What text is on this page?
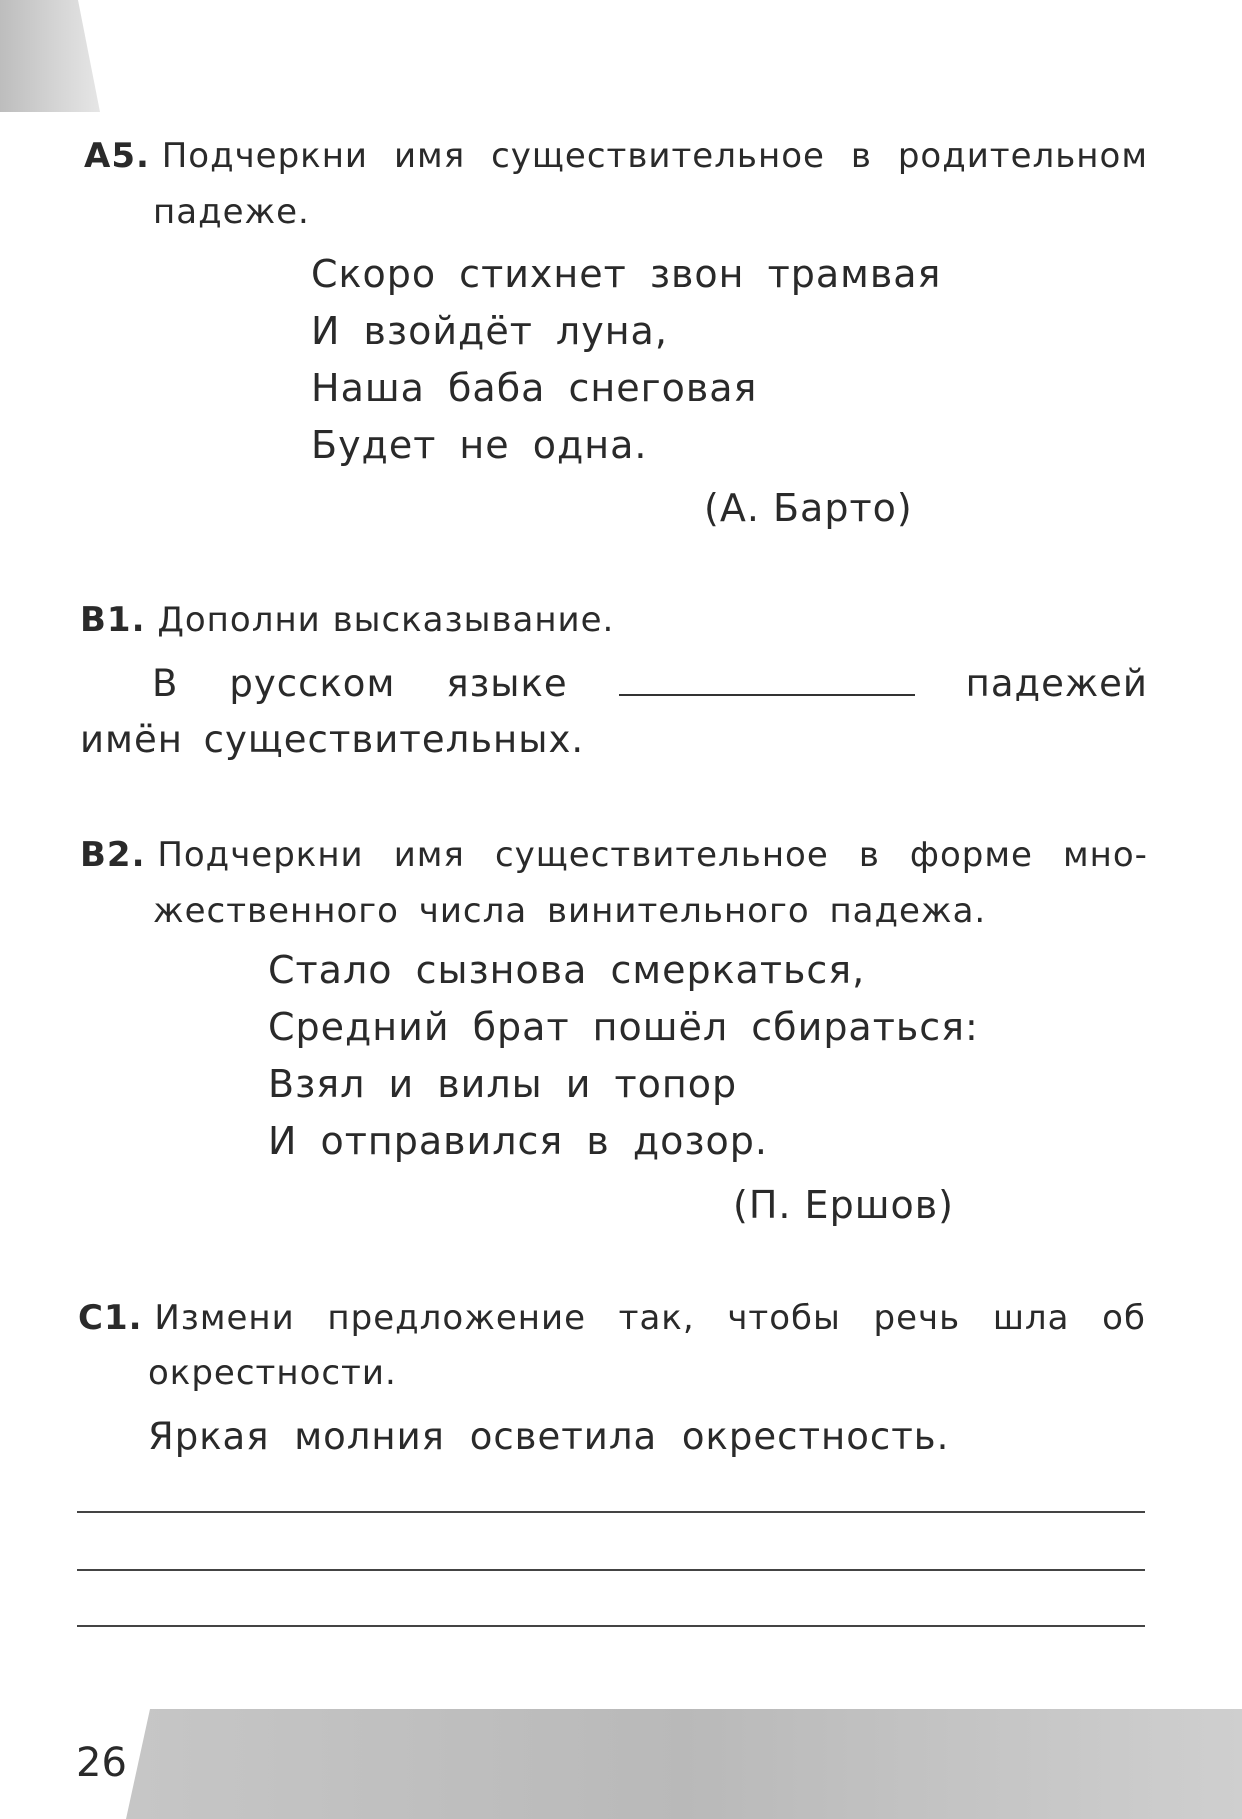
А5. Подчеркни имя существительное в родительном
падеже.
Скоро стихнет звон трамвая
И взойдёт луна,
Наша баба снеговая
Будет не одна.
(А. Барто)
В1. Дополни высказывание.
В русском языке	падежей
имён существительных.
В2. Подчеркни имя существительное в форме мно-
жественного числа винительного падежа.
Стало сызнова смеркаться,
Средний брат пошёл сбираться:
Взял и вилы и топор
И отправился в дозор.
(П. Ершов)
С1. Измени предложение так, чтобы речь шла об
окрестности.
Яркая молния осветила окрестность.
26
